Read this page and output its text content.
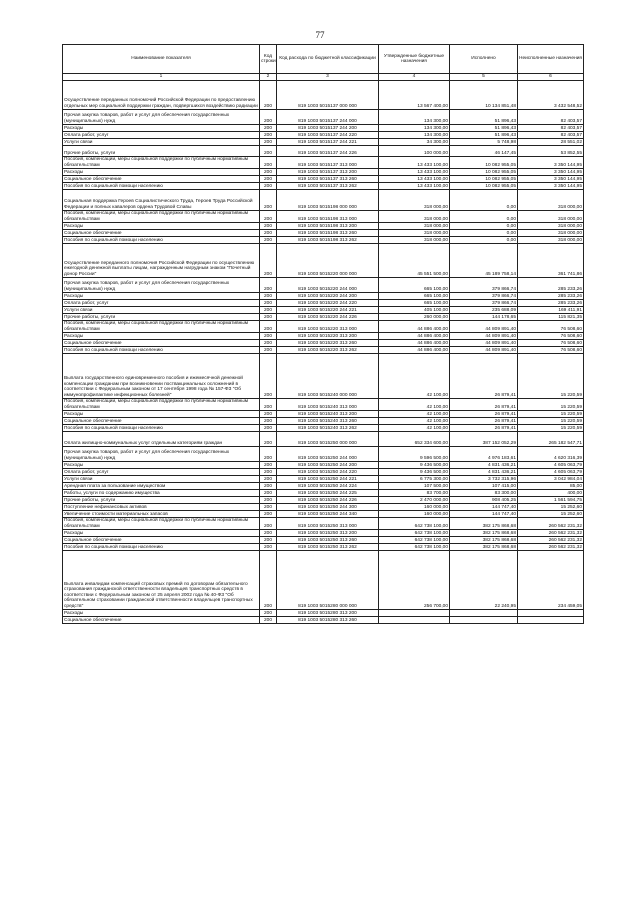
77
Наименование показателя	Код строки	Код расхода по бюджетной классификации	Утвержденные бюджетные назначения	Исполнено	Неисполненные назначения
1	2	3	4	5	6
Осуществление переданных полномочий Российской Федерации по предоставлению отдельных мер социальной поддержки граждан, подвергшихся воздействию радиации	200	819 1003 5015137 000 000	13 567 400,00	10 134 851,48	3 432 548,52
Прочая закупка товаров, работ и услуг для обеспечения государственных (муниципальных) нужд	200	819 1003 5015137 244 000	134 300,00	51 896,43	82 403,57
Расходы	200	819 1003 5015137 244 200	134 300,00	51 896,43	82 403,57
Оплата работ, услуг	200	819 1003 5015137 244 220	134 300,00	51 896,43	82 403,57
Услуги связи	200	819 1003 5015137 244 221	34 300,00	5 748,98	28 551,02
Прочие работы, услуги	200	819 1003 5015137 244 226	100 000,00	46 147,45	53 852,55
Пособия, компенсации, меры социальной поддержки по публичным нормативным обязательствам	200	819 1003 5015137 313 000	13 433 100,00	10 082 955,05	3 350 144,95
Расходы	200	819 1003 5015137 313 200	13 433 100,00	10 082 955,05	3 350 144,95
Социальное обеспечение	200	819 1003 5015137 313 260	13 433 100,00	10 082 955,05	3 350 144,95
Пособия по социальной помощи населению	200	819 1003 5015137 313 262	13 433 100,00	10 082 955,05	3 350 144,95
Социальная поддержка Героев Социалистического Труда, Героев Труда Российской Федерации и полных кавалеров ордена Трудовой Славы	200	819 1003 5015198 000 000	318 000,00	0,00	318 000,00
Пособия, компенсации, меры социальной поддержки по публичным нормативным обязательствам	200	819 1003 5015198 313 000	318 000,00	0,00	318 000,00
Расходы	200	819 1003 5015198 313 200	318 000,00	0,00	318 000,00
Социальное обеспечение	200	819 1003 5015198 313 260	318 000,00	0,00	318 000,00
Пособия по социальной помощи населению	200	819 1003 5015198 313 262	318 000,00	0,00	318 000,00
Осуществление переданного полномочия Российской Федерации по осуществлению ежегодной денежной выплаты лицам, награжденным нагрудным знаком "Почетный донор России"	200	819 1003 5015220 000 000	45 551 500,00	45 189 758,14	361 741,86
Прочая закупка товаров, работ и услуг для обеспечения государственных (муниципальных) нужд	200	819 1003 5015220 244 000	665 100,00	379 866,74	285 233,26
Расходы	200	819 1003 5015220 244 200	665 100,00	379 866,74	285 233,26
Оплата работ, услуг	200	819 1003 5015220 244 220	665 100,00	379 866,74	285 233,26
Услуги связи	200	819 1003 5015220 244 221	405 100,00	235 688,09	169 411,91
Прочие работы, услуги	200	819 1003 5015220 244 226	260 000,00	144 178,65	115 821,35
Пособия, компенсации, меры социальной поддержки по публичным нормативным обязательствам	200	819 1003 5015220 313 000	44 886 400,00	44 809 891,40	76 508,60
Расходы	200	819 1003 5015220 313 200	44 886 400,00	44 809 891,40	76 508,60
Социальное обеспечение	200	819 1003 5015220 313 260	44 886 400,00	44 809 891,40	76 508,60
Пособия по социальной помощи населению	200	819 1003 5015220 313 262	44 886 400,00	44 809 891,40	76 508,60
Выплата государственного единовременного пособия и ежемесячной денежной компенсации гражданам при возникновении поствакцинальных осложнений в соответствии с Федеральным законом от 17 сентября 1998 года № 157-ФЗ "Об иммунопрофилактике инфекционных болезней"	200	819 1003 5015240 000 000	42 100,00	26 879,41	15 220,59
Пособия, компенсации, меры социальной поддержки по публичным нормативным обязательствам	200	819 1003 5015240 313 000	42 100,00	26 879,41	15 220,59
Расходы	200	819 1003 5015240 313 200	42 100,00	26 879,41	15 220,59
Социальное обеспечение	200	819 1003 5015240 313 260	42 100,00	26 879,41	15 220,59
Пособия по социальной помощи населению	200	819 1003 5015240 313 262	42 100,00	26 879,41	15 220,59
Оплата жилищно-коммунальных услуг отдельным категориям граждан	200	819 1003 5015250 000 000	652 334 600,00	387 152 052,29	265 182 547,71
Прочая закупка товаров, работ и услуг для обеспечения государственных (муниципальных) нужд	200	819 1003 5015250 244 000	9 596 500,00	4 976 183,61	4 620 316,39
Расходы	200	819 1003 5015250 244 200	9 436 500,00	4 831 436,21	4 605 063,79
Оплата работ, услуг	200	819 1003 5015250 244 220	9 436 500,00	4 831 436,21	4 605 063,79
Услуги связи	200	819 1003 5015250 244 221	6 775 300,00	3 732 315,96	3 042 984,04
Арендная плата за пользование имуществом	200	819 1003 5015250 244 224	107 500,00	107 415,00	85,00
Работы, услуги по содержанию имущества	200	819 1003 5015250 244 225	83 700,00	83 300,00	400,00
Прочие работы, услуги	200	819 1003 5015250 244 226	2 470 000,00	908 405,25	1 561 594,75
Поступление нефинансовых активов	200	819 1003 5015250 244 300	160 000,00	144 747,40	15 252,60
Увеличение стоимости материальных запасов	200	819 1003 5015250 244 340	160 000,00	144 747,40	15 252,60
Пособия, компенсации, меры социальной поддержки по публичным нормативным обязательствам	200	819 1003 5015250 313 000	642 738 100,00	382 175 868,68	260 562 231,32
Расходы	200	819 1003 5015250 313 200	642 738 100,00	382 175 868,68	260 562 231,32
Социальное обеспечение	200	819 1003 5015250 313 260	642 738 100,00	382 175 868,68	260 562 231,32
Пособия по социальной помощи населению	200	819 1003 5015250 313 262	642 738 100,00	382 175 868,68	260 562 231,32
Выплата инвалидам компенсаций страховых премий по договорам обязательного страхования гражданской ответственности владельцев транспортных средств в соответствии с Федеральным законом от 25 апреля 2002 года № 40-ФЗ "Об обязательном страховании гражданской ответственности владельцев транспортных средств"	200	819 1003 5015280 000 000	256 700,00	22 240,95	234 459,05
Расходы	200	819 1003 5015280 313 200			
Социальное обеспечение	200	819 1003 5015280 313 260			
